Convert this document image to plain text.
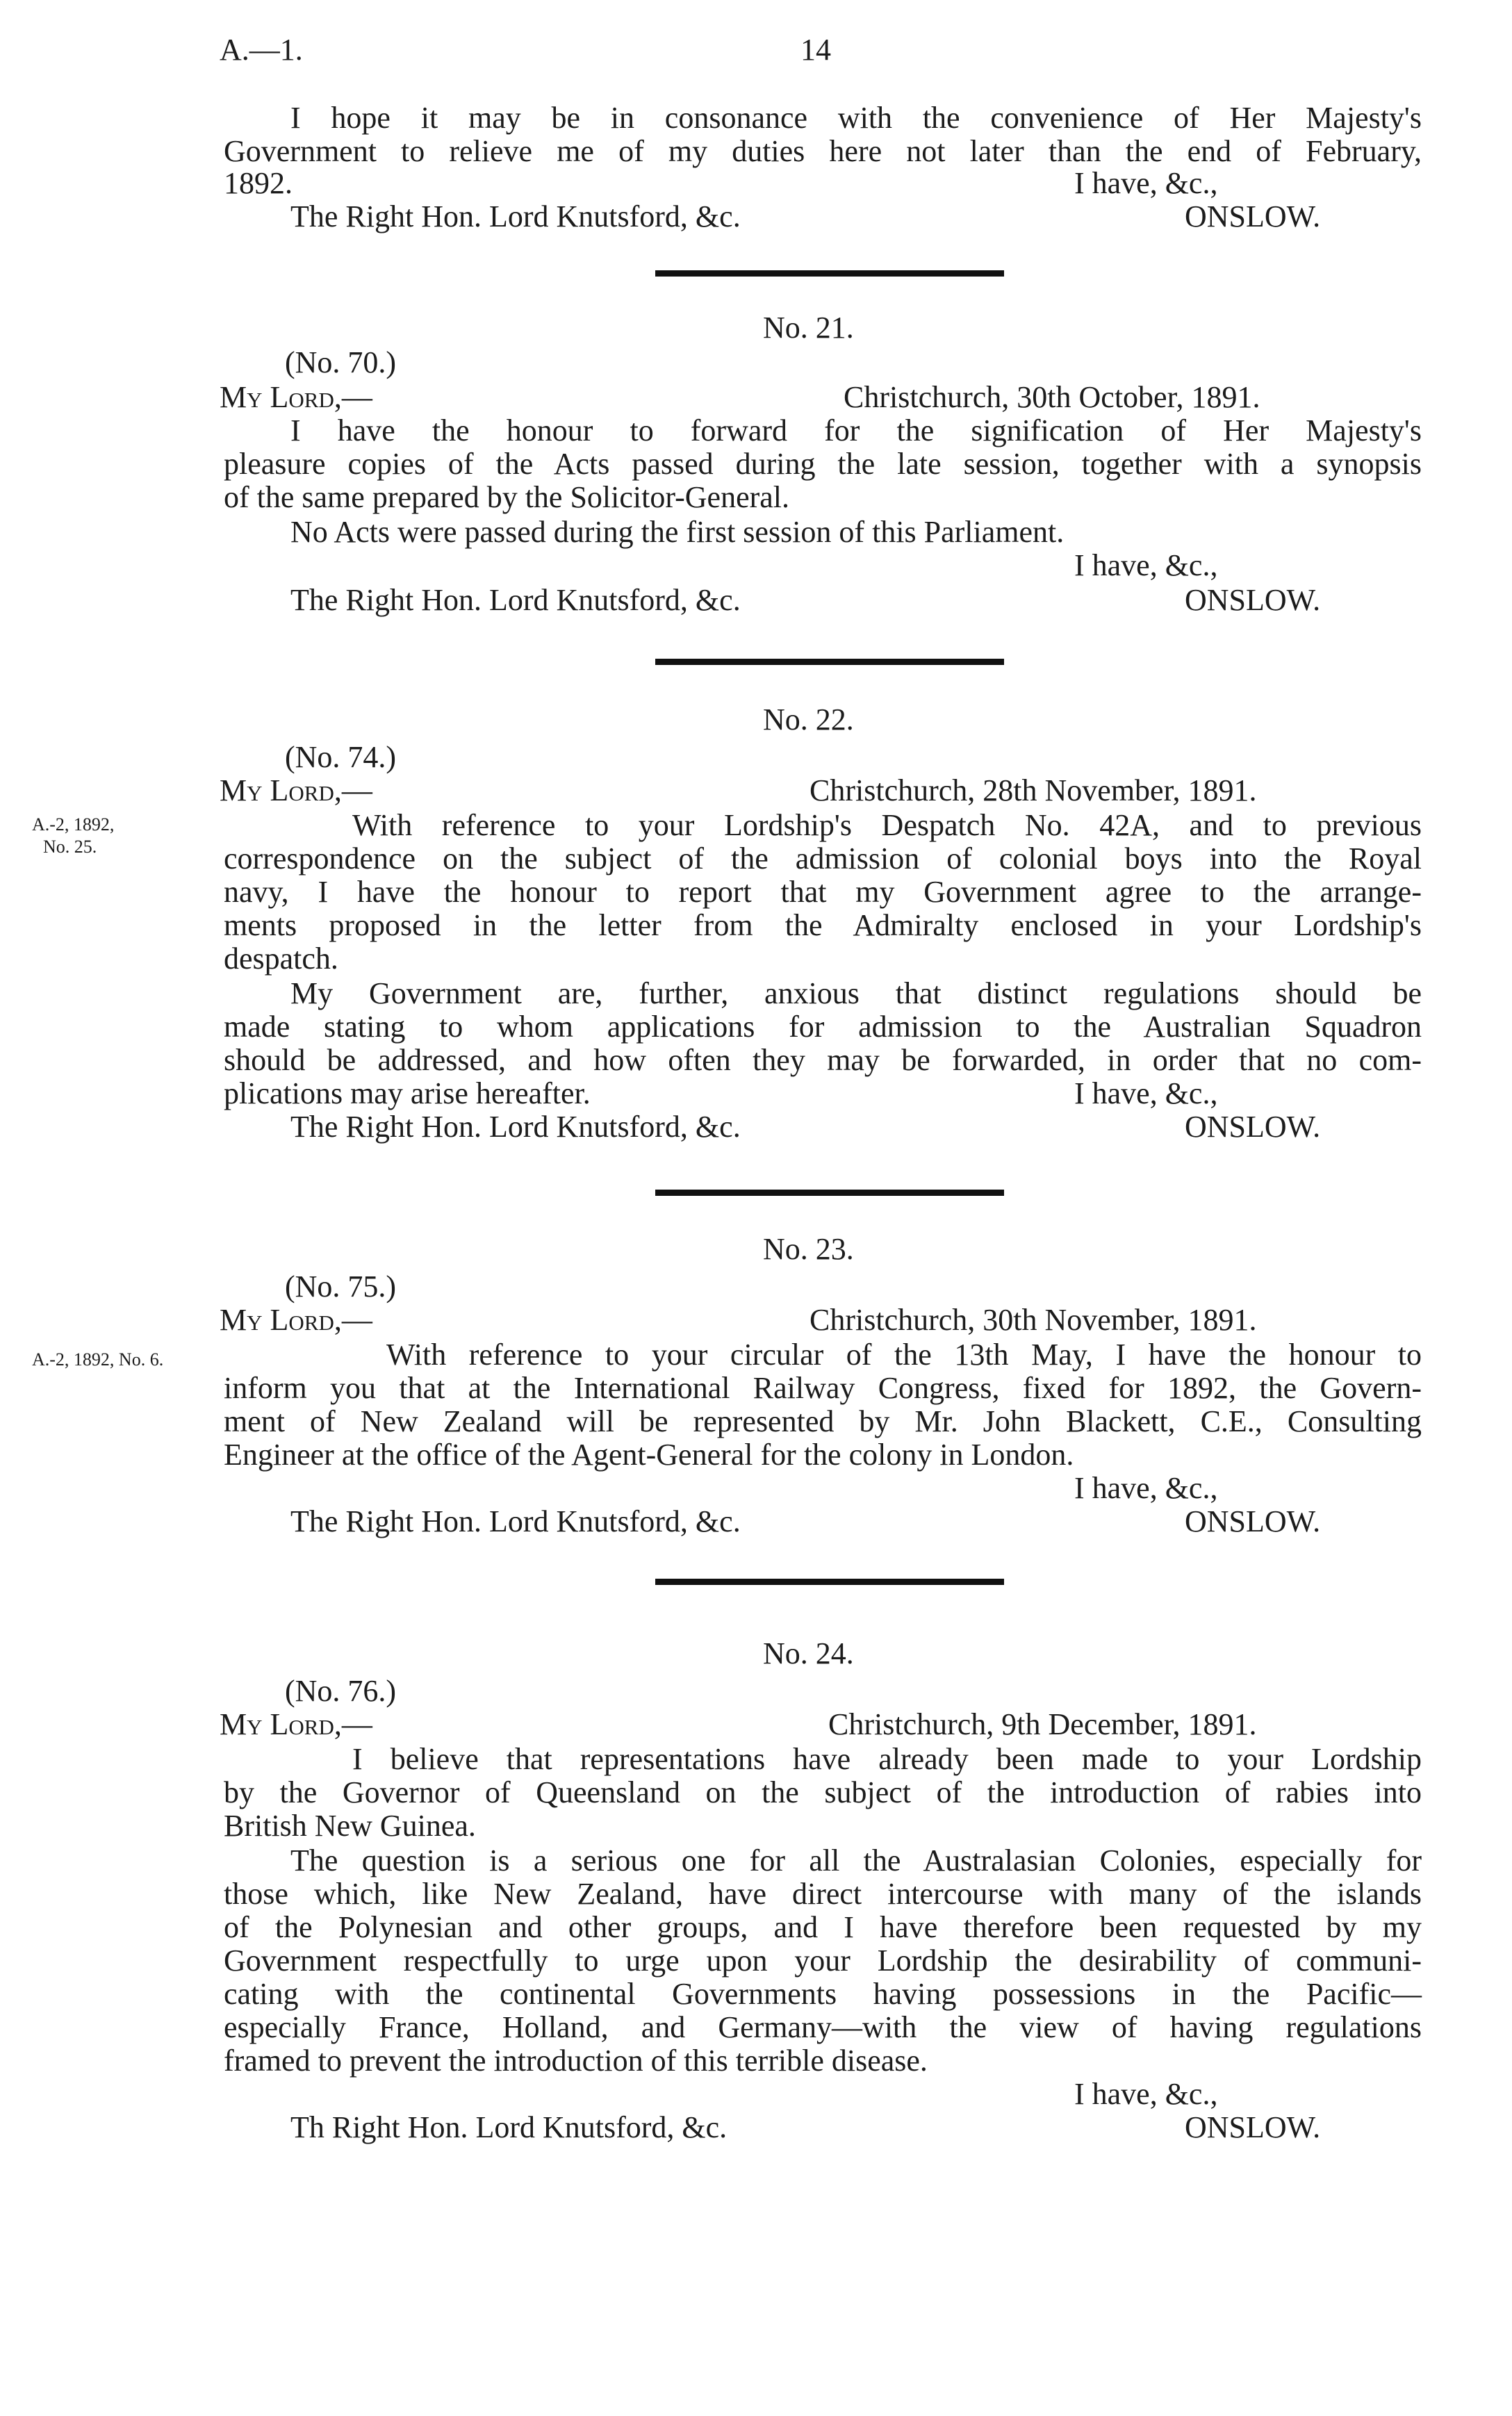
A.—1.	14
I hope it may be in consonance with the convenience of Her Majesty's
Government to relieve me of my duties here not later than the end of February,
1892.	I have, &c.,
The Right Hon. Lord Knutsford, &c.	ONSLOW.
No. 21.
(No. 70.)
My Lord,—	Christchurch, 30th October, 1891.
I have the honour to forward for the signification of Her Majesty's
pleasure copies of the Acts passed during the late session, together with a synopsis
of the same prepared by the Solicitor-General.
No Acts were passed during the first session of this Parliament.
I have, &c.,
The Right Hon. Lord Knutsford, &c.	ONSLOW.
No. 22.
(No. 74.)
My Lord,—	Christchurch, 28th November, 1891.
A.-2, 1892,
No. 25.
With reference to your Lordship's Despatch No. 42A, and to previous
correspondence on the subject of the admission of colonial boys into the Royal
navy, I have the honour to report that my Government agree to the arrange-
ments proposed in the letter from the Admiralty enclosed in your Lordship's
despatch.
My Government are, further, anxious that distinct regulations should be
made stating to whom applications for admission to the Australian Squadron
should be addressed, and how often they may be forwarded, in order that no com-
plications may arise hereafter.	I have, &c.,
The Right Hon. Lord Knutsford, &c.	ONSLOW.
No. 23.
(No. 75.)
My Lord,—	Christchurch, 30th November, 1891.
A.-2, 1892, No. 6.	With reference to your circular of the 13th May, I have the honour to
inform you that at the International Railway Congress, fixed for 1892, the Govern-
ment of New Zealand will be represented by Mr. John Blackett, C.E., Consulting
Engineer at the office of the Agent-General for the colony in London.
I have, &c.,
The Right Hon. Lord Knutsford, &c.	ONSLOW.
No. 24.
(No. 76.)
My Lord,—	Christchurch, 9th December, 1891.
I believe that representations have already been made to your Lordship
by the Governor of Queensland on the subject of the introduction of rabies into
British New Guinea.
The question is a serious one for all the Australasian Colonies, especially for
those which, like New Zealand, have direct intercourse with many of the islands
of the Polynesian and other groups, and I have therefore been requested by my
Government respectfully to urge upon your Lordship the desirability of communi-
cating with the continental Governments having possessions in the Pacific—
especially France, Holland, and Germany—with the view of having regulations
framed to prevent the introduction of this terrible disease.
I have, &c.,
Th Right Hon. Lord Knutsford, &c.	ONSLOW.
